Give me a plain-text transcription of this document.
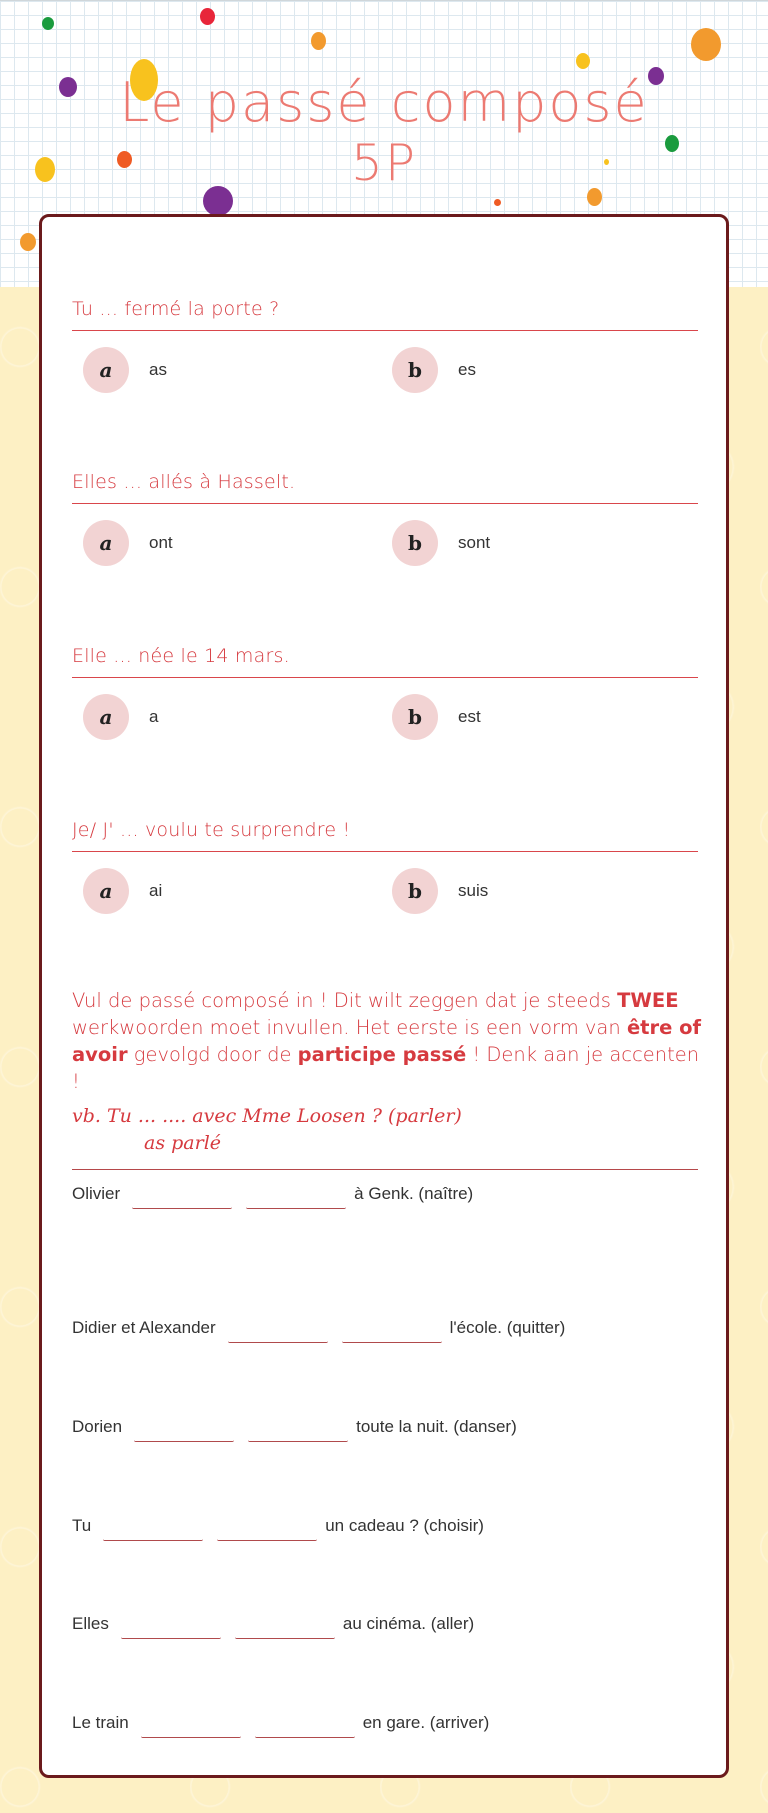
Le passé composé
5P
Tu ... fermé la porte ?
a	as	b	es
Elles ... allés à Hasselt.
a	ont	b	sont
Elle ... née le 14 mars.
a	a	b	est
Je/ J' ... voulu te surprendre !
a	ai	b	suis
Vul de passé composé in ! Dit wilt zeggen dat je steeds TWEE werkwoorden moet invullen. Het eerste is een vorm van être of avoir gevolgd door de participe passé ! Denk aan je accenten !
vb. Tu ... .... avec Mme Loosen ? (parler)
as parlé
Olivier	à Genk. (naître)
Didier et Alexander	l'école. (quitter)
Dorien	toute la nuit. (danser)
Tu	un cadeau ? (choisir)
Elles	au cinéma. (aller)
Le train	en gare. (arriver)
